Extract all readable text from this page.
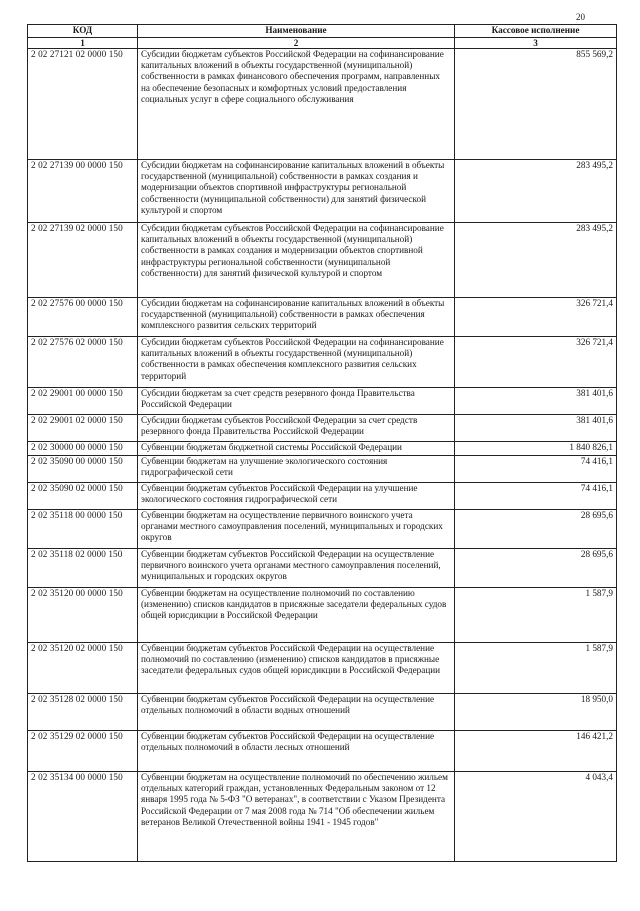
20
КОД	Наименование	Кассовое исполнение
1	2	3
2 02 27121 02 0000 150	Субсидии бюджетам субъектов Российской Федерации на софинансирование капитальных вложений в объекты государственной (муниципальной) собственности в рамках финансового обеспечения программ, направленных на обеспечение безопасных и комфортных условий предоставления социальных услуг в сфере социального обслуживания	855 569,2
2 02 27139 00 0000 150	Субсидии бюджетам на софинансирование капитальных вложений в объекты государственной (муниципальной) собственности в рамках создания и модернизации объектов спортивной инфраструктуры региональной собственности (муниципальной собственности) для занятий физической культурой и спортом	283 495,2
2 02 27139 02 0000 150	Субсидии бюджетам субъектов Российской Федерации на софинансирование капитальных вложений в объекты государственной (муниципальной) собственности в рамках создания и модернизации объектов спортивной инфраструктуры региональной собственности (муниципальной собственности) для занятий физической культурой и спортом	283 495,2
2 02 27576 00 0000 150	Субсидии бюджетам на софинансирование капитальных вложений в объекты государственной (муниципальной) собственности в рамках обеспечения комплексного развития сельских территорий	326 721,4
2 02 27576 02 0000 150	Субсидии бюджетам субъектов Российской Федерации на софинансирование капитальных вложений в объекты государственной (муниципальной) собственности в рамках обеспечения комплексного развития сельских территорий	326 721,4
2 02 29001 00 0000 150	Субсидии бюджетам за счет средств резервного фонда Правительства Российской Федерации	381 401,6
2 02 29001 02 0000 150	Субсидии бюджетам субъектов Российской Федерации за счет средств резервного фонда Правительства Российской Федерации	381 401,6
2 02 30000 00 0000 150	Субвенции бюджетам бюджетной системы Российской Федерации	1 840 826,1
2 02 35090 00 0000 150	Субвенции бюджетам на улучшение экологического состояния гидрографической сети	74 416,1
2 02 35090 02 0000 150	Субвенции бюджетам субъектов Российской Федерации на улучшение экологического состояния гидрографической сети	74 416,1
2 02 35118 00 0000 150	Субвенции бюджетам на осуществление первичного воинского учета органами местного самоуправления поселений, муниципальных и городских округов	28 695,6
2 02 35118 02 0000 150	Субвенции бюджетам субъектов Российской Федерации на осуществление первичного воинского учета органами местного самоуправления поселений, муниципальных и городских округов	28 695,6
2 02 35120 00 0000 150	Субвенции бюджетам на осуществление полномочий по составлению (изменению) списков кандидатов в присяжные заседатели федеральных судов общей юрисдикции в Российской Федерации	1 587,9
2 02 35120 02 0000 150	Субвенции бюджетам субъектов Российской Федерации на осуществление полномочий по составлению (изменению) списков кандидатов в присяжные заседатели федеральных судов общей юрисдикции в Российской Федерации	1 587,9
2 02 35128 02 0000 150	Субвенции бюджетам субъектов Российской Федерации на осуществление отдельных полномочий в области водных отношений	18 950,0
2 02 35129 02 0000 150	Субвенции бюджетам субъектов Российской Федерации на осуществление отдельных полномочий в области лесных отношений	146 421,2
2 02 35134 00 0000 150	Субвенции бюджетам на осуществление полномочий по обеспечению жильем отдельных категорий граждан, установленных Федеральным законом от 12 января 1995 года № 5-ФЗ "О ветеранах", в соответствии с Указом Президента Российской Федерации от 7 мая 2008 года № 714 "Об обеспечении жильем ветеранов Великой Отечественной войны 1941 - 1945 годов"	4 043,4
